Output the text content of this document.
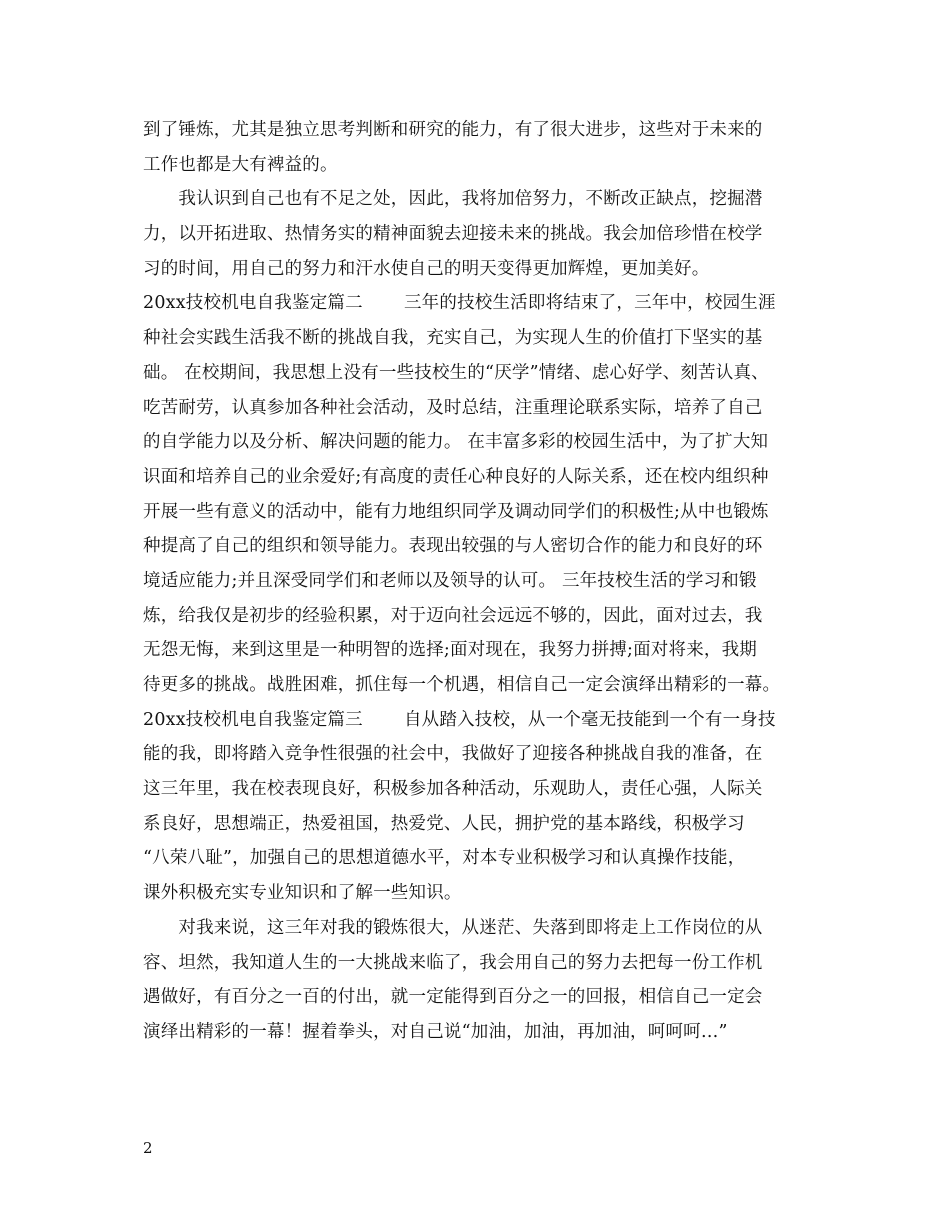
到了锤炼，尤其是独立思考判断和研究的能力，有了很大进步，这些对于未来的
工作也都是大有裨益的。
　　我认识到自己也有不足之处，因此，我将加倍努力，不断改正缺点，挖掘潜
力，以开拓进取、热情务实的精神面貌去迎接未来的挑战。我会加倍珍惜在校学
习的时间，用自己的努力和汗水使自己的明天变得更加辉煌，更加美好。
20xx技校机电自我鉴定篇二　　 三年的技校生活即将结束了，三年中，校园生涯
种社会实践生活我不断的挑战自我，充实自己，为实现人生的价值打下坚实的基
础。 在校期间，我思想上没有一些技校生的“厌学”情绪、虑心好学、刻苦认真、
吃苦耐劳，认真参加各种社会活动，及时总结，注重理论联系实际，培养了自己
的自学能力以及分析、解决问题的能力。 在丰富多彩的校园生活中，为了扩大知
识面和培养自己的业余爱好;有高度的责任心种良好的人际关系，还在校内组织种
开展一些有意义的活动中，能有力地组织同学及调动同学们的积极性;从中也锻炼
种提高了自己的组织和领导能力。表现出较强的与人密切合作的能力和良好的环
境适应能力;并且深受同学们和老师以及领导的认可。 三年技校生活的学习和锻
炼，给我仅是初步的经验积累，对于迈向社会远远不够的，因此，面对过去，我
无怨无悔，来到这里是一种明智的选择;面对现在，我努力拼搏;面对将来，我期
待更多的挑战。战胜困难，抓住每一个机遇，相信自己一定会演绎出精彩的一幕。
20xx技校机电自我鉴定篇三　　 自从踏入技校，从一个毫无技能到一个有一身技
能的我，即将踏入竞争性很强的社会中，我做好了迎接各种挑战自我的准备，在
这三年里，我在校表现良好，积极参加各种活动，乐观助人，责任心强，人际关
系良好，思想端正，热爱祖国，热爱党、人民，拥护党的基本路线，积极学习
“八荣八耻”，加强自己的思想道德水平，对本专业积极学习和认真操作技能，
课外积极充实专业知识和了解一些知识。
　　对我来说，这三年对我的锻炼很大，从迷茫、失落到即将走上工作岗位的从
容、坦然，我知道人生的一大挑战来临了，我会用自己的努力去把每一份工作机
遇做好，有百分之一百的付出，就一定能得到百分之一的回报，相信自己一定会
演绎出精彩的一幕！握着拳头，对自己说“加油，加油，再加油，呵呵呵…”
2
